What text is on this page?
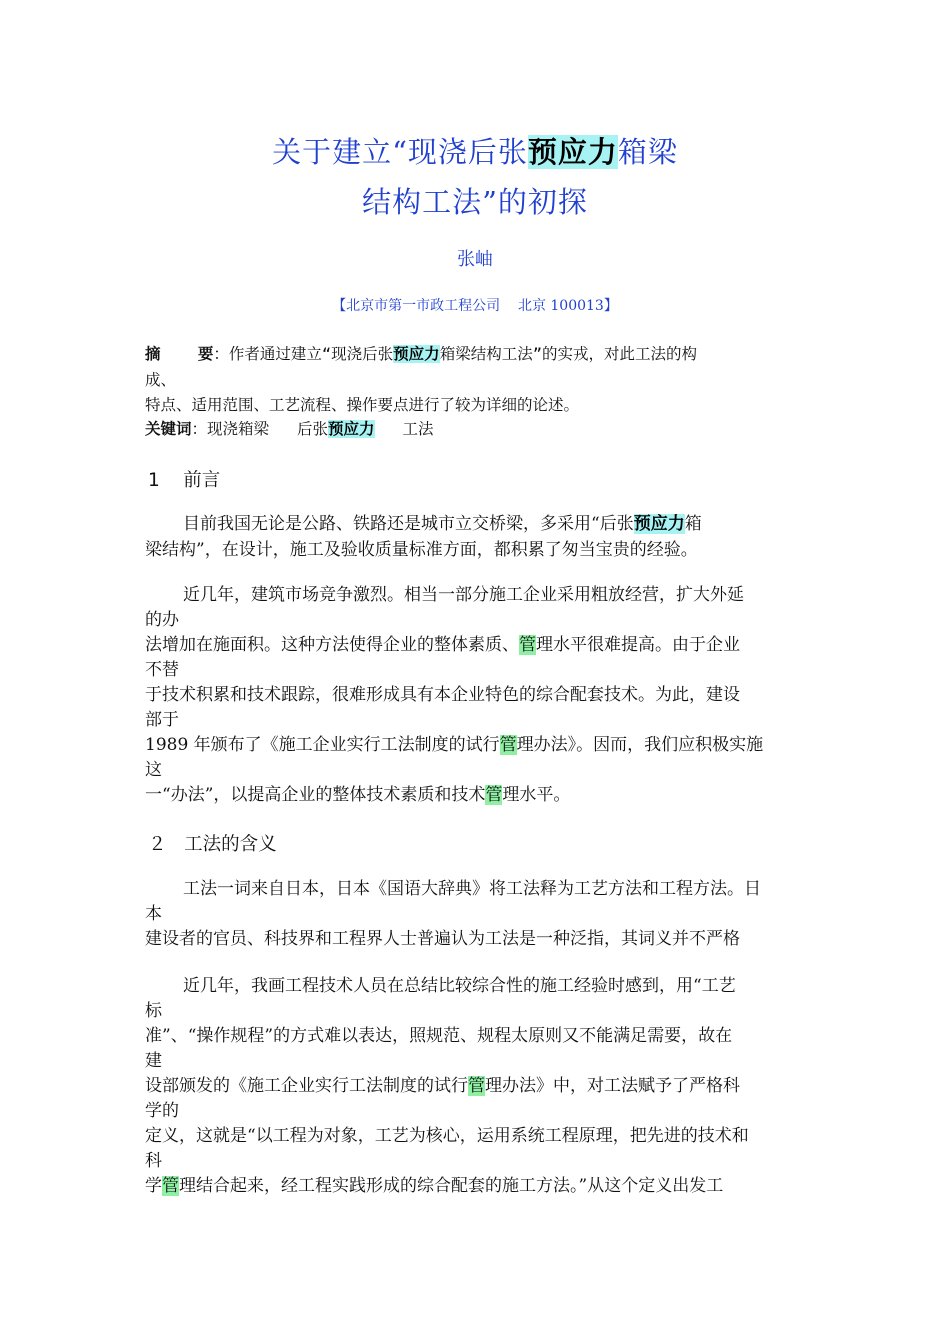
关于建立“现浇后张预应力箱梁
结构工法”的初探
张岫
【北京市第一市政工程公司    北京 100013】
摘    要：作者通过建立“现浇后张预应力箱梁结构工法”的实戎，对此工法的构
成、
特点、适用范围、工艺流程、操作要点进行了较为详细的论述。
关键词：现浇箱梁   后张预应力   工法
1    前言
目前我国无论是公路、铁路还是城市立交桥梁，多采用“后张预应力箱
梁结构”，在设计，施工及验收质量标准方面，都积累了匆当宝贵的经验。
近几年，建筑市场竞争激烈。相当一部分施工企业采用粗放经营，扩大外延
的办
法增加在施面积。这种方法使得企业的整体素质、管理水平很难提高。由于企业
不替
于技术积累和技术跟踪，很难形成具有本企业特色的综合配套技术。为此，建设
部于
1989 年颁布了《施工企业实行工法制度的试行管理办法》。因而，我们应积极实施
这
一“办法”，以提高企业的整体技术素质和技术管理水平。
２   工法的含义
工法一词来自日本，日本《国语大辞典》将工法释为工艺方法和工程方法。日
本
建设者的官员、科技界和工程界人士普遍认为工法是一种泛指，其词义并不严格
近几年，我画工程技术人员在总结比较综合性的施工经验时感到，用“工艺
标
准”、“操作规程”的方式难以表达，照规范、规程太原则又不能满足需要，故在
建
设部颁发的《施工企业实行工法制度的试行管理办法》中，对工法赋予了严格科
学的
定义，这就是“以工程为对象，工艺为核心，运用系统工程原理，把先进的技术和
科
学管理结合起来，经工程实践形成的综合配套的施工方法。”从这个定义出发工
